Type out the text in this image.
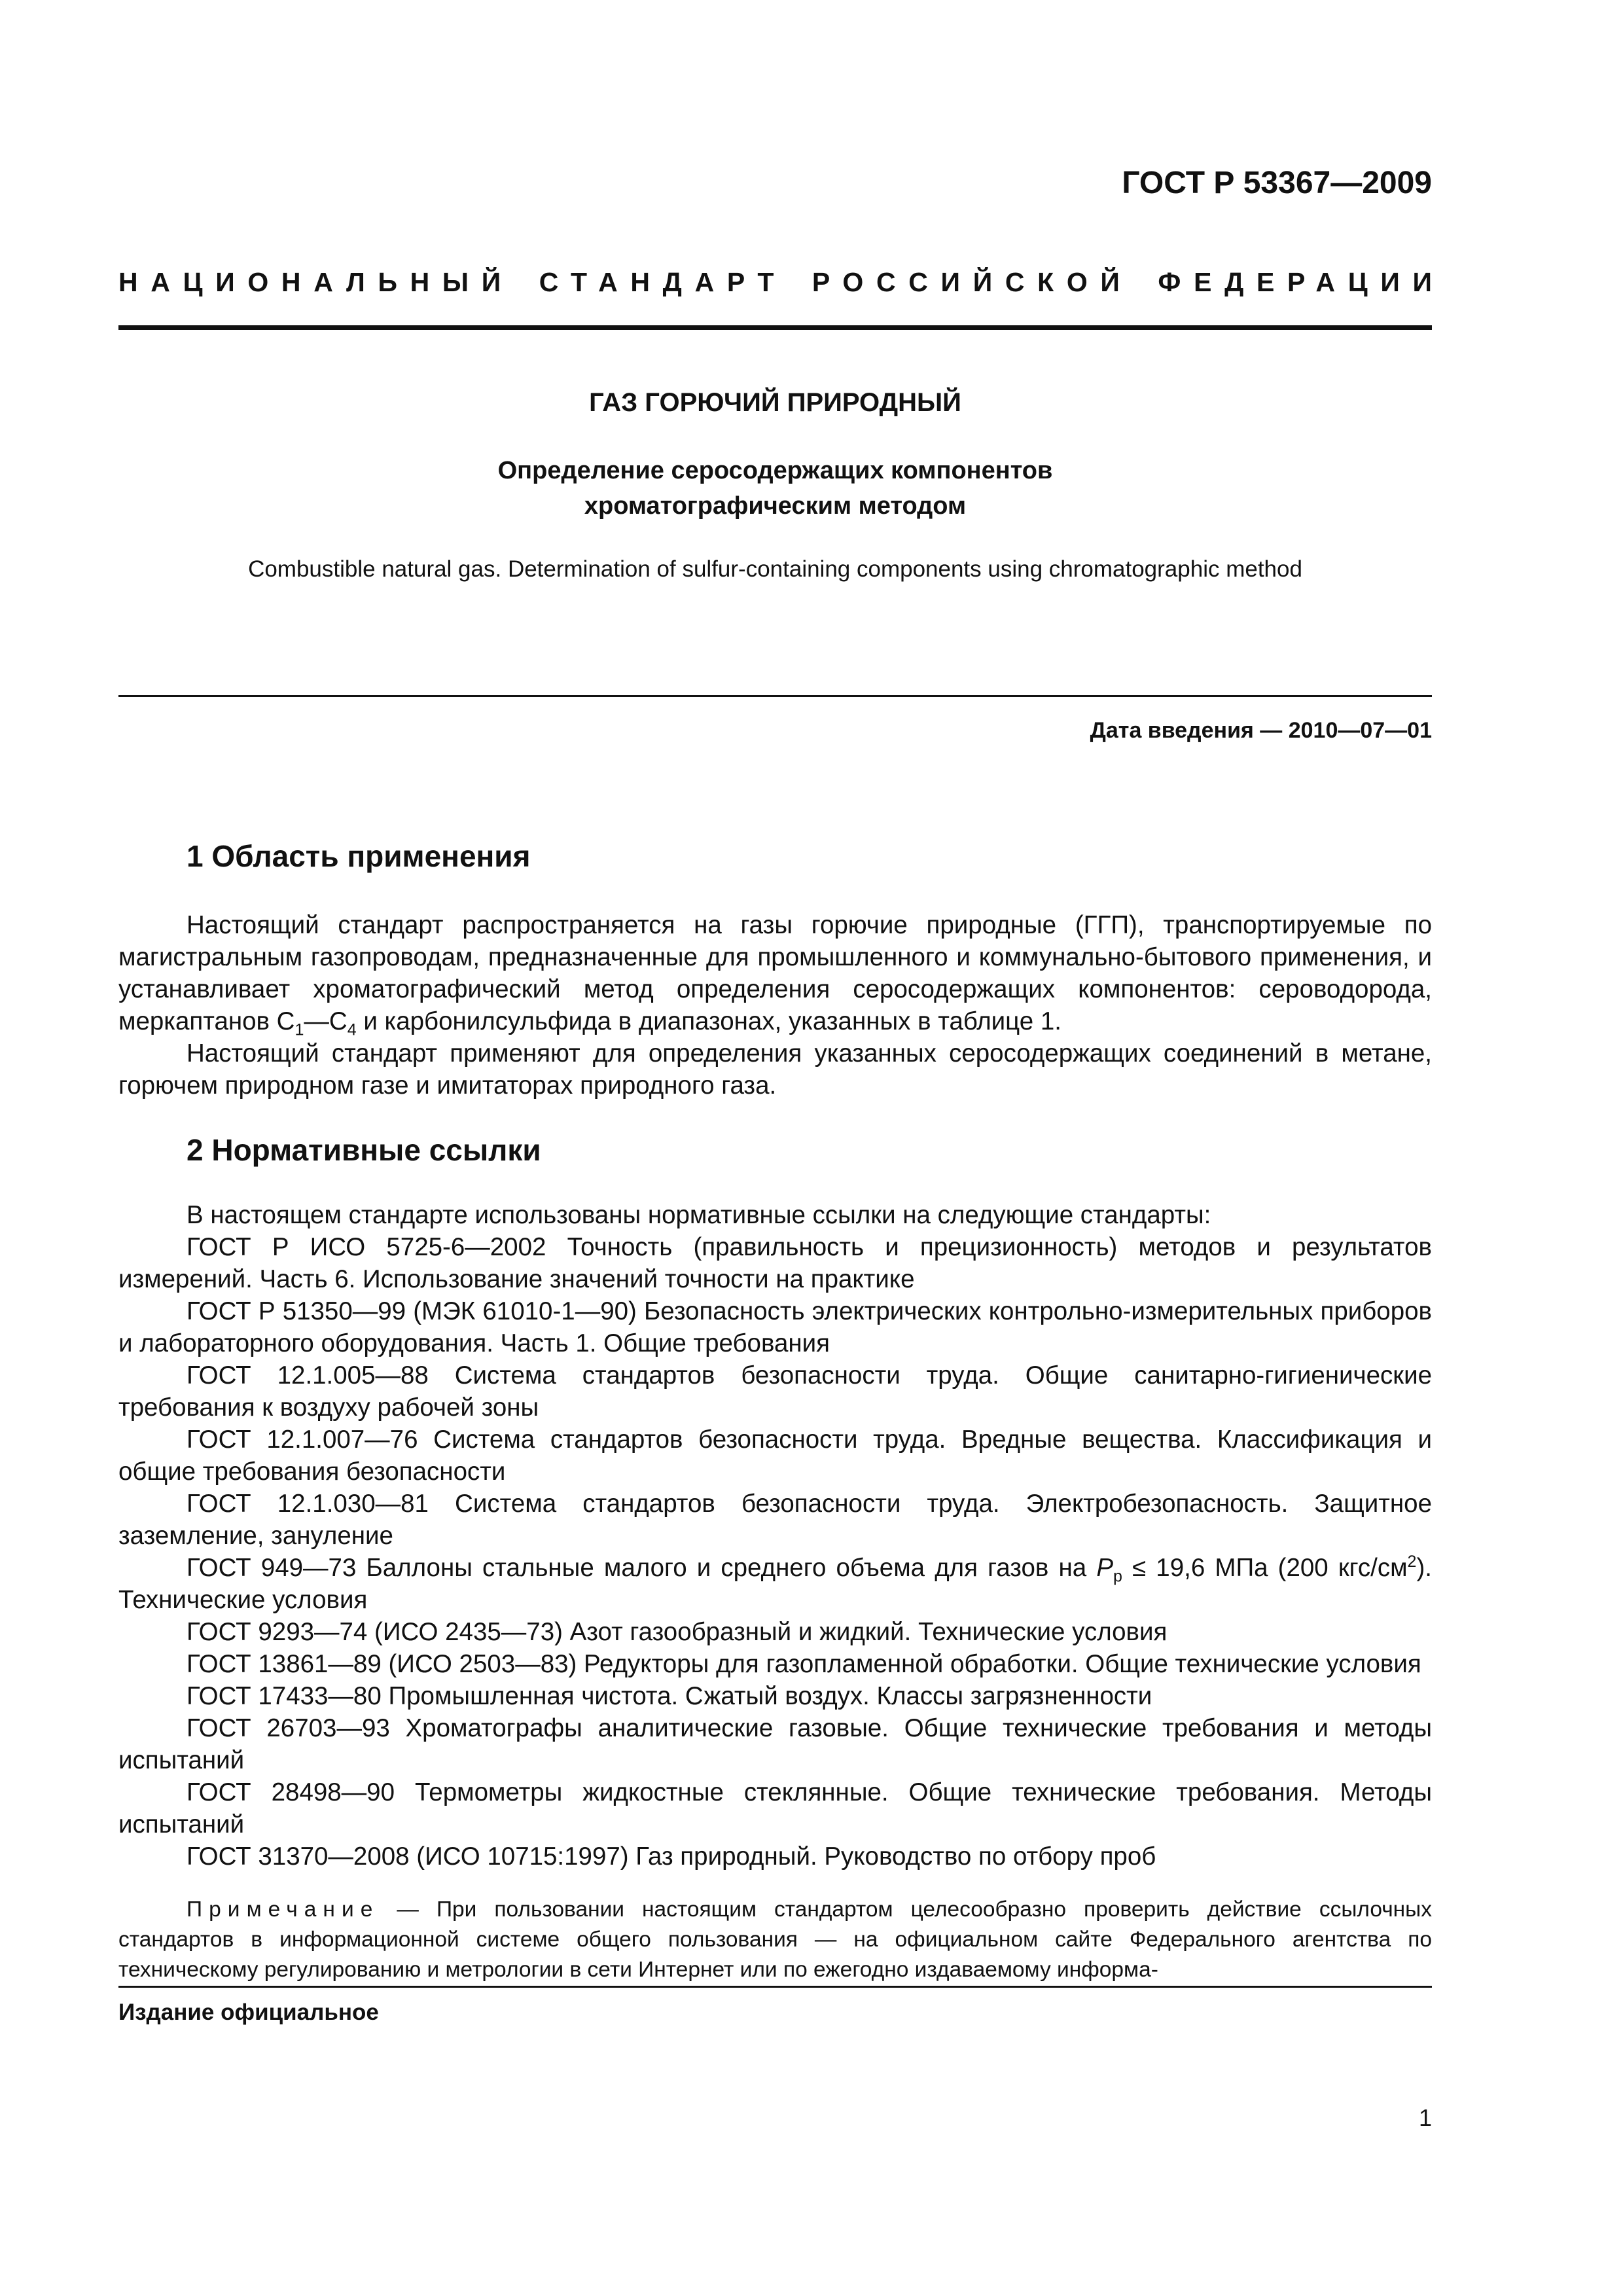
ГОСТ Р 53367—2009
НАЦИОНАЛЬНЫЙ СТАНДАРТ РОССИЙСКОЙ ФЕДЕРАЦИИ
ГАЗ ГОРЮЧИЙ ПРИРОДНЫЙ
Определение серосодержащих компонентов
хроматографическим методом
Combustible natural gas. Determination of sulfur-containing components using chromatographic method
Дата введения — 2010—07—01
1 Область применения

Настоящий стандарт распространяется на газы горючие природные (ГГП), транспортируемые по магистральным газопроводам, предназначенные для промышленного и коммунально-бытового применения, и устанавливает хроматографический метод определения серосодержащих компонентов: сероводорода, меркаптанов $С_1—С_4$ и карбонилсульфида в диапазонах, указанных в таблице 1.

Настоящий стандарт применяют для определения указанных серосодержащих соединений в метане, горючем природном газе и имитаторах природного газа.

2 Нормативные ссылки

В настоящем стандарте использованы нормативные ссылки на следующие стандарты:

ГОСТ Р ИСО 5725-6—2002 Точность (правильность и прецизионность) методов и результатов измерений. Часть 6. Использование значений точности на практике

ГОСТ Р 51350—99 (МЭК 61010-1—90) Безопасность электрических контрольно-измерительных приборов и лабораторного оборудования. Часть 1. Общие требования

ГОСТ 12.1.005—88 Система стандартов безопасности труда. Общие санитарно-гигиенические требования к воздуху рабочей зоны

ГОСТ 12.1.007—76 Система стандартов безопасности труда. Вредные вещества. Классификация и общие требования безопасности

ГОСТ 12.1.030—81 Система стандартов безопасности труда. Электробезопасность. Защитное заземление, зануление

ГОСТ 949—73 Баллоны стальные малого и среднего объема для газов на $P_р \le 19,6$ МПа (200 кгс/$см^2$). Технические условия

ГОСТ 9293—74 (ИСО 2435—73) Азот газообразный и жидкий. Технические условия

ГОСТ 13861—89 (ИСО 2503—83) Редукторы для газопламенной обработки. Общие технические условия

ГОСТ 17433—80 Промышленная чистота. Сжатый воздух. Классы загрязненности

ГОСТ 26703—93 Хроматографы аналитические газовые. Общие технические требования и методы испытаний

ГОСТ 28498—90 Термометры жидкостные стеклянные. Общие технические требования. Методы испытаний

ГОСТ 31370—2008 (ИСО 10715:1997) Газ природный. Руководство по отбору проб

Примечание — При пользовании настоящим стандартом целесообразно проверить действие ссылочных стандартов в информационной системе общего пользования — на официальном сайте Федерального агентства по техническому регулированию и метрологии в сети Интернет или по ежегодно издаваемому информа-
Издание официальное
1
